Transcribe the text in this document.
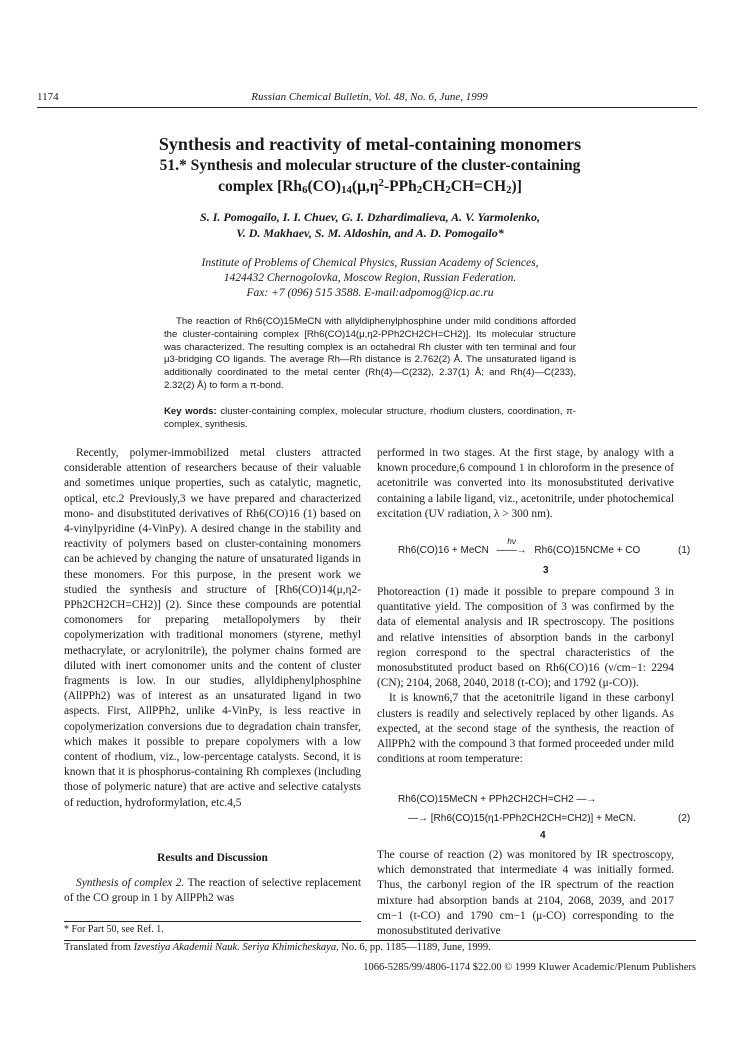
1174	Russian Chemical Bulletin, Vol. 48, No. 6, June, 1999
Synthesis and reactivity of metal-containing monomers
51.* Synthesis and molecular structure of the cluster-containing
complex $[Rh_6(CO)_{14}(\mu,\eta^2-PPh_2CH_2CH=CH_2)]$
S. I. Pomogailo, I. I. Chuev, G. I. Dzhardimalieva, A. V. Yarmolenko,
V. D. Makhaev, S. M. Aldoshin, and A. D. Pomogailo*
Institute of Problems of Chemical Physics, Russian Academy of Sciences,
1424432 Chernogolovka, Moscow Region, Russian Federation.
Fax: +7 (096) 515 3588. E-mail:adpomog@icp.ac.ru

The reaction of Rh6(CO)15MeCN with allyldiphenylphosphine under mild conditions afforded the cluster-containing complex [Rh6(CO)14(μ,η2-PPh2CH2CH=CH2)]. Its molecular structure was characterized. The resulting complex is an octahedral Rh cluster with ten terminal and four μ3-bridging CO ligands. The average Rh—Rh distance is 2.762(2) Å. The unsaturated ligand is additionally coordinated to the metal center (Rh(4)—C(232), 2.37(1) Å; and Rh(4)—C(233), 2.32(2) Å) to form a π-bond.

Key words: cluster-containing complex, molecular structure, rhodium clusters, coordination, π-complex, synthesis.

Recently, polymer-immobilized metal clusters attracted considerable attention of researchers because of their valuable and sometimes unique properties, such as catalytic, magnetic, optical, etc.2 Previously,3 we have prepared and characterized mono- and disubstituted derivatives of Rh6(CO)16 (1) based on 4-vinylpyridine (4-VinPy). A desired change in the stability and reactivity of polymers based on cluster-containing monomers can be achieved by changing the nature of unsaturated ligands in these monomers. For this purpose, in the present work we studied the synthesis and structure of [Rh6(CO)14(μ,η2-PPh2CH2CH=CH2)] (2). Since these compounds are potential comonomers for preparing metallopolymers by their copolymerization with traditional monomers (styrene, methyl methacrylate, or acrylonitrile), the polymer chains formed are diluted with inert comonomer units and the content of cluster fragments is low. In our studies, allyldiphenylphosphine (AllPPh2) was of interest as an unsaturated ligand in two aspects. First, AllPPh2, unlike 4-VinPy, is less reactive in copolymerization conversions due to degradation chain transfer, which makes it possible to prepare copolymers with a low content of rhodium, viz., low-percentage catalysts. Second, it is known that it is phosphorus-containing Rh complexes (including those of polymeric nature) that are active and selective catalysts of reduction, hydroformylation, etc.4,5

Results and Discussion

Synthesis of complex 2. The reaction of selective replacement of the CO group in 1 by AllPPh2 was

* For Part 50, see Ref. 1.

performed in two stages. At the first stage, by analogy with a known procedure,6 compound 1 in chloroform in the presence of acetonitrile was converted into its monosubstituted derivative containing a labile ligand, viz., acetonitrile, under photochemical excitation (UV radiation, λ > 300 nm).

Rh6(CO)16 + MeCN
hν
——→ Rh6(CO)15NCMe + CO	(1)
3

Photoreaction (1) made it possible to prepare compound 3 in quantitative yield. The composition of 3 was confirmed by the data of elemental analysis and IR spectroscopy. The positions and relative intensities of absorption bands in the carbonyl region correspond to the spectral characteristics of the monosubstituted product based on Rh6(CO)16 (ν/cm−1: 2294 (CN); 2104, 2068, 2040, 2018 (t-CO); and 1792 (μ-CO)).

It is known6,7 that the acetonitrile ligand in these carbonyl clusters is readily and selectively replaced by other ligands. As expected, at the second stage of the synthesis, the reaction of AllPPh2 with the compound 3 that formed proceeded under mild conditions at room temperature:

Rh6(CO)15MeCN + PPh2CH2CH=CH2 —→
—→ [Rh6(CO)15(η1-PPh2CH2CH=CH2)] + MeCN.	(2)
4

The course of reaction (2) was monitored by IR spectroscopy, which demonstrated that intermediate 4 was initially formed. Thus, the carbonyl region of the IR spectrum of the reaction mixture had absorption bands at 2104, 2068, 2039, and 2017 cm−1 (t-CO) and 1790 cm−1 (μ-CO) corresponding to the monosubstituted derivative

Translated from Izvestiya Akademii Nauk. Seriya Khimicheskaya, No. 6, pp. 1185—1189, June, 1999.
1066-5285/99/4806-1174 $22.00 © 1999 Kluwer Academic/Plenum Publishers
